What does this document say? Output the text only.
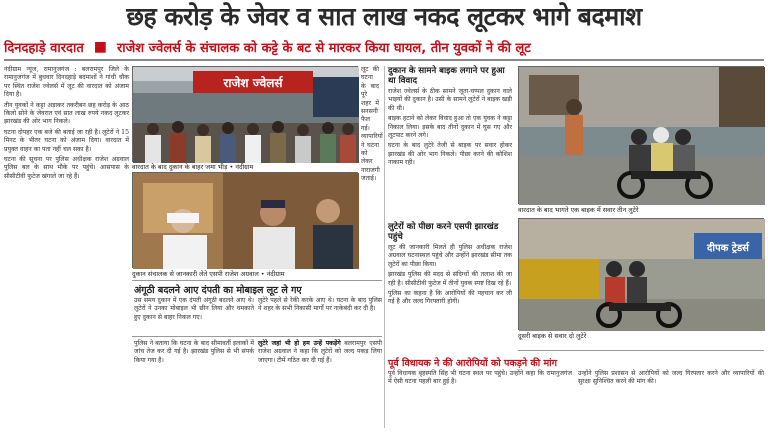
छह करोड़ के जेवर व सात लाख नकद लूटकर भागे बदमाश
दिनदहाड़े वारदात ■ राजेश ज्वेलर्स के संचालक को कट्टे के बट से मारकर किया घायल, तीन युवकों ने की लूट

नंदीग्राम न्यूज, रामानुजगंज : बलरामपुर जिले के रामानुजगंज में बुधवार दिनदहाड़े बदमाशों ने गांधी चौक पर स्थित राजेश ज्वेलर्स में लूट की वारदात को अंजाम दिया है।

तीन युवकों ने कट्टा अड़ाकर तकरीबन छह करोड़ के आठ किलो सोने के जेवरात एवं सात लाख रुपये नकद लूटकर झारखंड की ओर भाग निकले।

घटना दोपहर एक बजे की बताई जा रही है। लुटेरों ने 15 मिनट के भीतर घटना को अंजाम दिया। वारदात में प्रयुक्त वाहन का पता नहीं चल सका है।

घटना की सूचना पर पुलिस अधीक्षक राजेश अग्रवाल पुलिस बल के साथ मौके पर पहुंचे। आसपास के सीसीटीवी फुटेज खंगाले जा रहे हैं।

राजेश ज्वेलर्स
वारदात के बाद दुकान के बाहर जमा भीड़ • नंदीग्राम
दुकान संचालक से जानकारी लेते एसपी राजेश अग्रवाल • नंदीग्राम

लूट की घटना के बाद पूरे शहर में सनसनी फैल गई। व्यापारियों ने घटना को लेकर नाराजगी जताई।

अंगूठी बदलने आए दंपती का मोबाइल लूट ले गए
उस समय दुकान में एक दंपती अंगूठी बदलने आए थे। लुटेरों ने उनका मोबाइल भी छीन लिया और धमकाते हुए दुकान से बाहर निकल गए।
लुटेरे पहले से रेकी करके आए थे। घटना के बाद पुलिस ने शहर के सभी निकासी मार्गों पर नाकेबंदी कर दी है।
पुलिस ने बताया कि घटना के बाद सीमावर्ती इलाकों में जांच तेज कर दी गई है। झारखंड पुलिस से भी संपर्क किया गया है।
लुटेरे जहां भी हो हम उन्हें पकड़ेंगे बलरामपुर एसपी राजेश अग्रवाल ने कहा कि लुटेरों को जल्द पकड़ लिया जाएगा। टीमें गठित कर दी गई हैं।
दुकान के सामने बाइक लगाने पर हुआ था विवाद

राजेश ज्वेलर्स के ठीक सामने जूता-चप्पल दुकान वाले भाइयों की दुकान है। उसी के सामने लुटेरों ने बाइक खड़ी की थी।

बाइक हटाने को लेकर विवाद हुआ तो एक युवक ने कट्टा निकाल लिया। इसके बाद तीनों दुकान में घुस गए और लूटपाट करने लगे।

घटना के बाद लुटेरे तेजी से बाइक पर सवार होकर झारखंड की ओर भाग निकले। पीछा करने की कोशिश नाकाम रही।

लुटेरों को पीछा करने एसपी झारखंड पहुंचे

लूट की जानकारी मिलते ही पुलिस अधीक्षक राजेश अग्रवाल घटनास्थल पहुंचे और उन्होंने झारखंड सीमा तक लुटेरों का पीछा किया।

झारखंड पुलिस की मदद से संदिग्धों की तलाश की जा रही है। सीसीटीवी फुटेज में तीनों युवक स्पष्ट दिख रहे हैं।

पुलिस का कहना है कि आरोपियों की पहचान कर ली गई है और जल्द गिरफ्तारी होगी।

वारदात के बाद भागते एक बाइक में सवार तीन लुटेरे
दीपक ट्रेडर्स
दूसरी बाइक से सवार दो लुटेरे
पूर्व विधायक ने की आरोपियों को पकड़ने की मांग
पूर्व विधायक बृहस्पति सिंह भी घटना स्थल पर पहुंचे। उन्होंने कहा कि रामानुजगंज में ऐसी घटना पहली बार हुई है।
उन्होंने पुलिस प्रशासन से आरोपियों को जल्द गिरफ्तार करने और व्यापारियों की सुरक्षा सुनिश्चित करने की मांग की।
